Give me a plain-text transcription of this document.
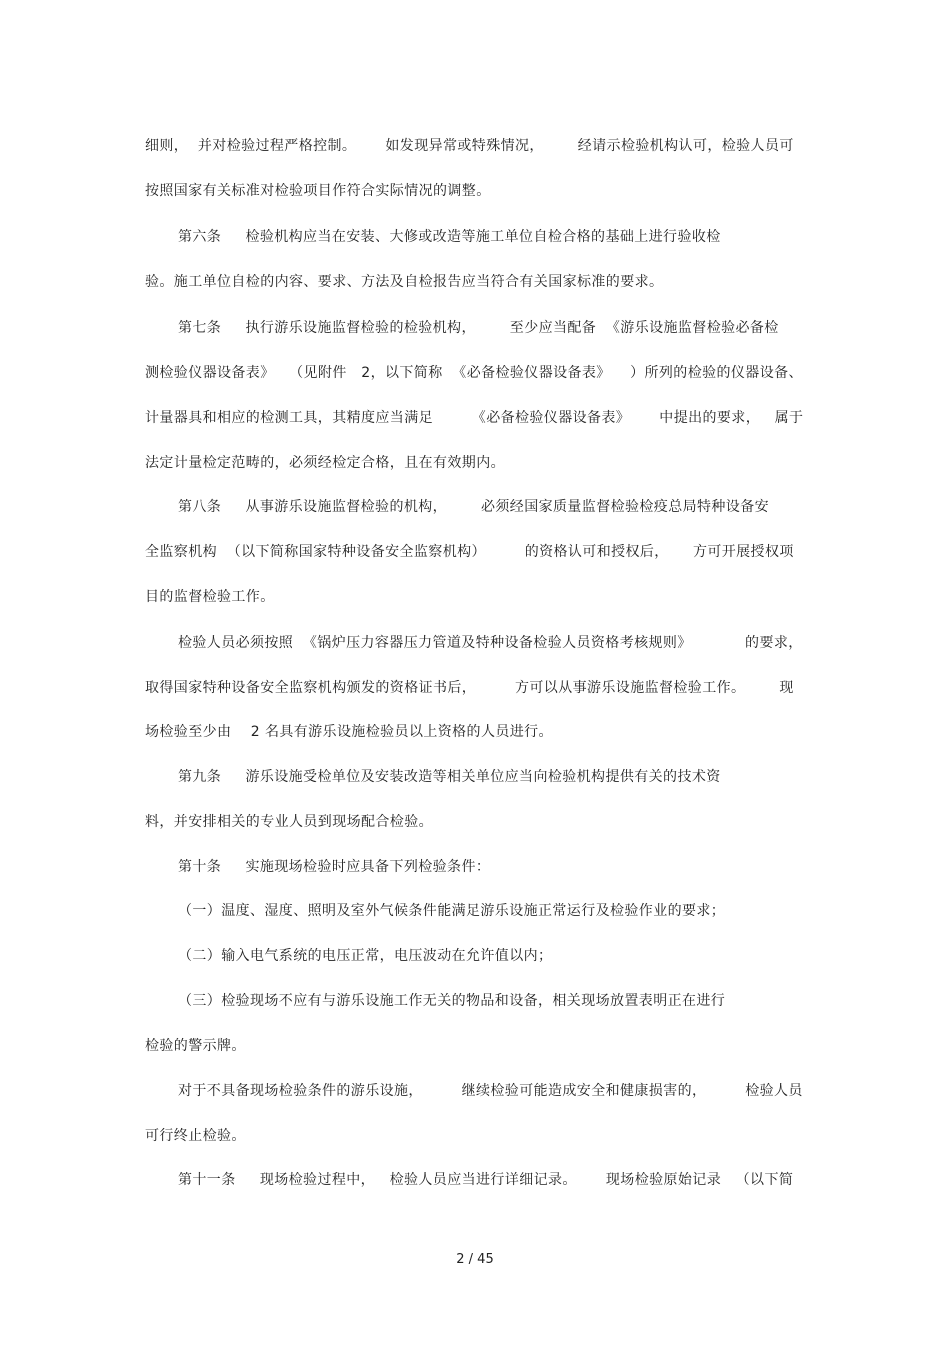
细则，  并对检验过程严格控制。      如发现异常或特殊情况，       经请示检验机构认可，检验人员可
按照国家有关标准对检验项目作符合实际情况的调整。
第六条     检验机构应当在安装、大修或改造等施工单位自检合格的基础上进行验收检
验。施工单位自检的内容、要求、方法及自检报告应当符合有关国家标准的要求。
第七条     执行游乐设施监督检验的检验机构，       至少应当配备  《游乐设施监督检验必备检
测检验仪器设备表》   （见附件   2，以下简称  《必备检验仪器设备表》    ）所列的检验的仪器设备、
计量器具和相应的检测工具，其精度应当满足        《必备检验仪器设备表》      中提出的要求，   属于
法定计量检定范畴的，必须经检定合格，且在有效期内。
第八条     从事游乐设施监督检验的机构，       必须经国家质量监督检验检疫总局特种设备安
全监察机构  （以下简称国家特种设备安全监察机构）        的资格认可和授权后，     方可开展授权项
目的监督检验工作。
检验人员必须按照  《锅炉压力容器压力管道及特种设备检验人员资格考核规则》           的要求，
取得国家特种设备安全监察机构颁发的资格证书后，        方可以从事游乐设施监督检验工作。       现
场检验至少由    2 名具有游乐设施检验员以上资格的人员进行。
第九条     游乐设施受检单位及安装改造等相关单位应当向检验机构提供有关的技术资
料，并安排相关的专业人员到现场配合检验。
第十条     实施现场检验时应具备下列检验条件：
（一）温度、湿度、照明及室外气候条件能满足游乐设施正常运行及检验作业的要求；
（二）输入电气系统的电压正常，电压波动在允许值以内；
（三）检验现场不应有与游乐设施工作无关的物品和设备，相关现场放置表明正在进行
检验的警示牌。
对于不具备现场检验条件的游乐设施，        继续检验可能造成安全和健康损害的，        检验人员
可行终止检验。
第十一条     现场检验过程中，   检验人员应当进行详细记录。      现场检验原始记录   （以下简
2 / 45
